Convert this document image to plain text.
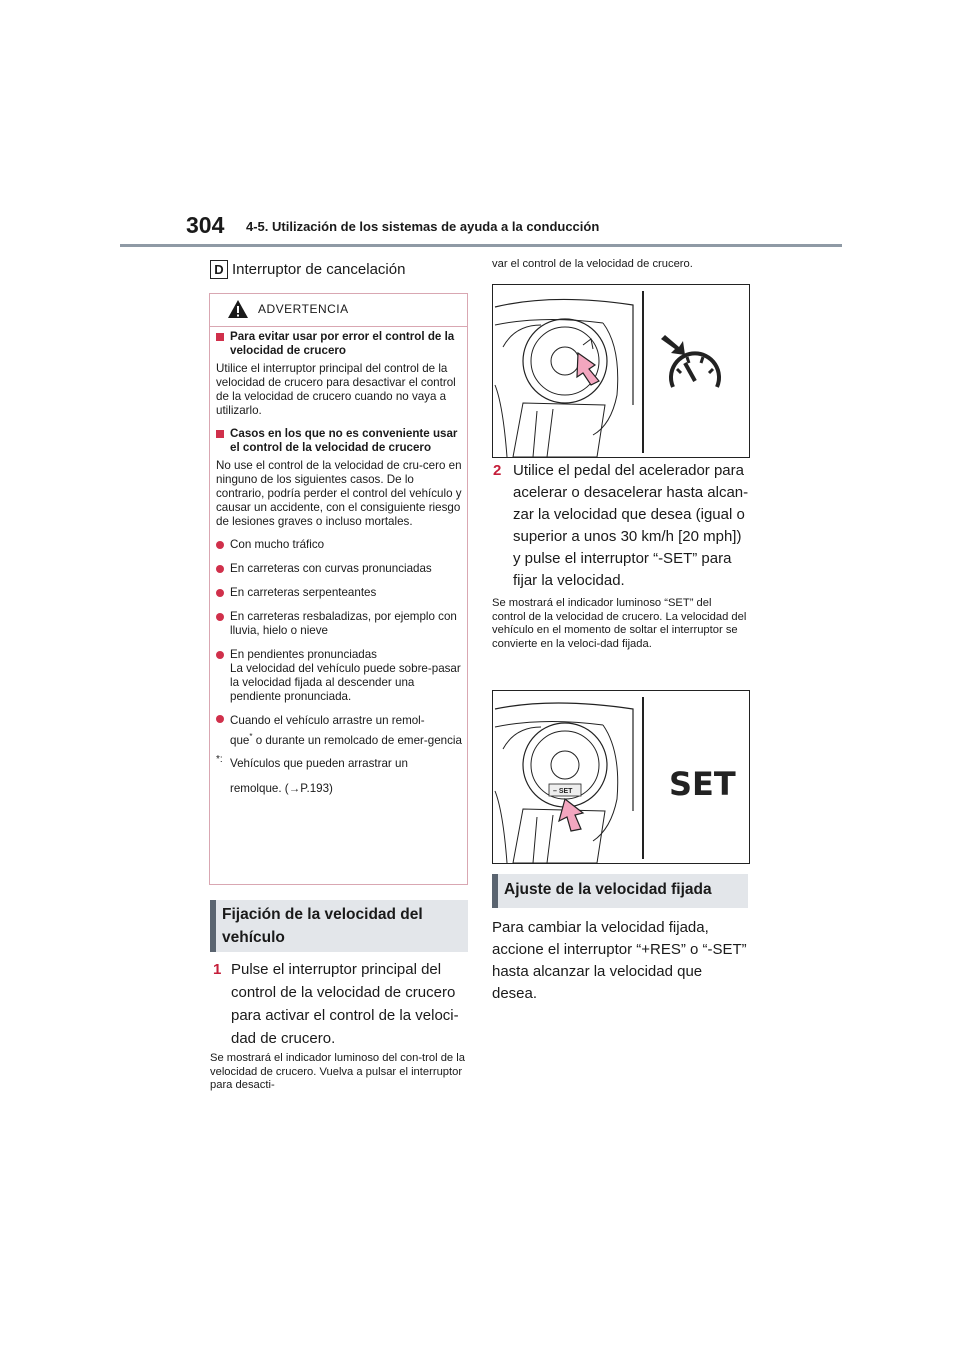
304 4-5. Utilización de los sistemas de ayuda a la conducción
D Interruptor de cancelación
ADVERTENCIA
Para evitar usar por error el control de la velocidad de crucero
Utilice el interruptor principal del control de la velocidad de crucero para desactivar el control de la velocidad de crucero cuando no vaya a utilizarlo.
Casos en los que no es conveniente usar el control de la velocidad de crucero
No use el control de la velocidad de cru-cero en ninguno de los siguientes casos. De lo contrario, podría perder el control del vehículo y causar un accidente, con el consiguiente riesgo de lesiones graves o incluso mortales.
Con mucho tráfico
En carreteras con curvas pronunciadas
En carreteras serpenteantes
En carreteras resbaladizas, por ejemplo con lluvia, hielo o nieve
En pendientes pronunciadas
La velocidad del vehículo puede sobre-pasar la velocidad fijada al descender una pendiente pronunciada.
Cuando el vehículo arrastre un remol-
que* o durante un remolcado de emer-gencia
*: Vehículos que pueden arrastrar un
remolque. (→P.193)
Fijación de la velocidad del vehículo
1 Pulse el interruptor principal del control de la velocidad de crucero para activar el control de la veloci-dad de crucero.
Se mostrará el indicador luminoso del con-trol de la velocidad de crucero. Vuelva a pulsar el interruptor para desacti-
var el control de la velocidad de crucero.
2 Utilice el pedal del acelerador para acelerar o desacelerar hasta alcan-zar la velocidad que desea (igual o superior a unos 30 km/h [20 mph]) y pulse el interruptor “-SET” para fijar la velocidad.
Se mostrará el indicador luminoso “SET” del control de la velocidad de crucero. La velocidad del vehículo en el momento de soltar el interruptor se convierte en la veloci-dad fijada.
– SET	SET
Ajuste de la velocidad fijada
Para cambiar la velocidad fijada, accione el interruptor “+RES” o “-SET” hasta alcanzar la velocidad que desea.
